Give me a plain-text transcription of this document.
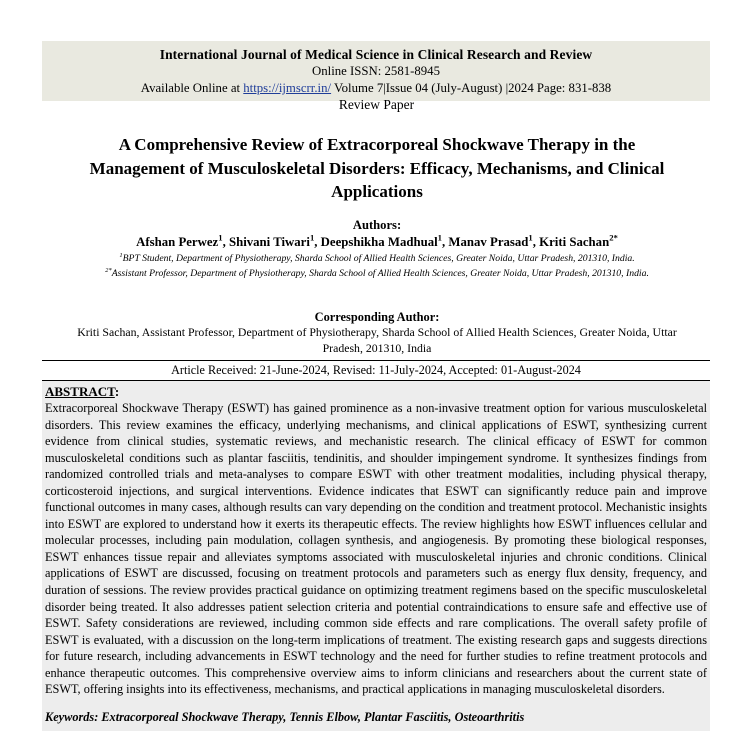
International Journal of Medical Science in Clinical Research and Review
Online ISSN: 2581-8945
Available Online at https://ijmscrr.in/ Volume 7|Issue 04 (July-August) |2024 Page: 831-838
Review Paper
A Comprehensive Review of Extracorporeal Shockwave Therapy in the Management of Musculoskeletal Disorders: Efficacy, Mechanisms, and Clinical Applications
Authors:
Afshan Perwez$^1$, Shivani Tiwari$^1$, Deepshikha Madhual$^1$, Manav Prasad$^1$, Kriti Sachan$^{2*}$
$^1$BPT Student, Department of Physiotherapy, Sharda School of Allied Health Sciences, Greater Noida, Uttar Pradesh, 201310, India.
$^{2*}$Assistant Professor, Department of Physiotherapy, Sharda School of Allied Health Sciences, Greater Noida, Uttar Pradesh, 201310, India.
Corresponding Author:
Kriti Sachan, Assistant Professor, Department of Physiotherapy, Sharda School of Allied Health Sciences, Greater Noida, Uttar Pradesh, 201310, India
Article Received: 21-June-2024, Revised: 11-July-2024, Accepted: 01-August-2024
ABSTRACT:
Extracorporeal Shockwave Therapy (ESWT) has gained prominence as a non-invasive treatment option for various musculoskeletal disorders. This review examines the efficacy, underlying mechanisms, and clinical applications of ESWT, synthesizing current evidence from clinical studies, systematic reviews, and mechanistic research. The clinical efficacy of ESWT for common musculoskeletal conditions such as plantar fasciitis, tendinitis, and shoulder impingement syndrome. It synthesizes findings from randomized controlled trials and meta-analyses to compare ESWT with other treatment modalities, including physical therapy, corticosteroid injections, and surgical interventions. Evidence indicates that ESWT can significantly reduce pain and improve functional outcomes in many cases, although results can vary depending on the condition and treatment protocol. Mechanistic insights into ESWT are explored to understand how it exerts its therapeutic effects. The review highlights how ESWT influences cellular and molecular processes, including pain modulation, collagen synthesis, and angiogenesis. By promoting these biological responses, ESWT enhances tissue repair and alleviates symptoms associated with musculoskeletal injuries and chronic conditions. Clinical applications of ESWT are discussed, focusing on treatment protocols and parameters such as energy flux density, frequency, and duration of sessions. The review provides practical guidance on optimizing treatment regimens based on the specific musculoskeletal disorder being treated. It also addresses patient selection criteria and potential contraindications to ensure safe and effective use of ESWT. Safety considerations are reviewed, including common side effects and rare complications. The overall safety profile of ESWT is evaluated, with a discussion on the long-term implications of treatment. The existing research gaps and suggests directions for future research, including advancements in ESWT technology and the need for further studies to refine treatment protocols and enhance therapeutic outcomes. This comprehensive overview aims to inform clinicians and researchers about the current state of ESWT, offering insights into its effectiveness, mechanisms, and practical applications in managing musculoskeletal disorders.
Keywords: Extracorporeal Shockwave Therapy, Tennis Elbow, Plantar Fasciitis, Osteoarthritis
